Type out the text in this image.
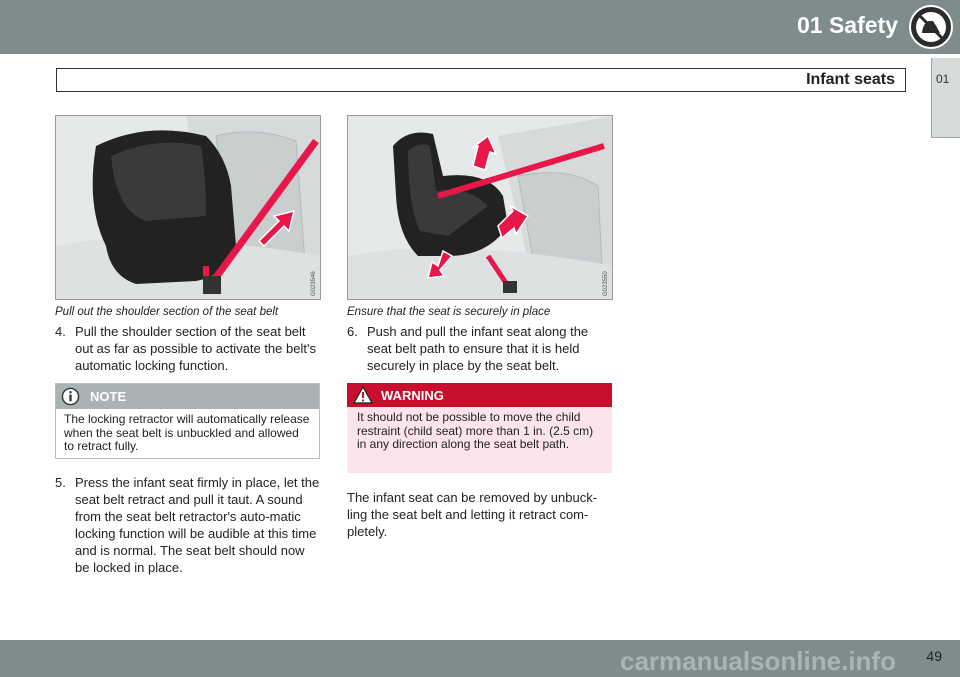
01 Safety
Infant seats	01
G023546
Pull out the shoulder section of the seat belt
G023550
Ensure that the seat is securely in place
4. Pull the shoulder section of the seat belt out as far as possible to activate the belt's automatic locking function.
NOTE
The locking retractor will automatically release when the seat belt is unbuckled and allowed to retract fully.
5. Press the infant seat firmly in place, let the seat belt retract and pull it taut. A sound from the seat belt retractor's auto-matic locking function will be audible at this time and is normal. The seat belt should now be locked in place.
6. Push and pull the infant seat along the seat belt path to ensure that it is held securely in place by the seat belt.
WARNING
It should not be possible to move the child restraint (child seat) more than 1 in. (2.5 cm) in any direction along the seat belt path.
The infant seat can be removed by unbuck-ling the seat belt and letting it retract com-pletely.
carmanualsonline.info 49
